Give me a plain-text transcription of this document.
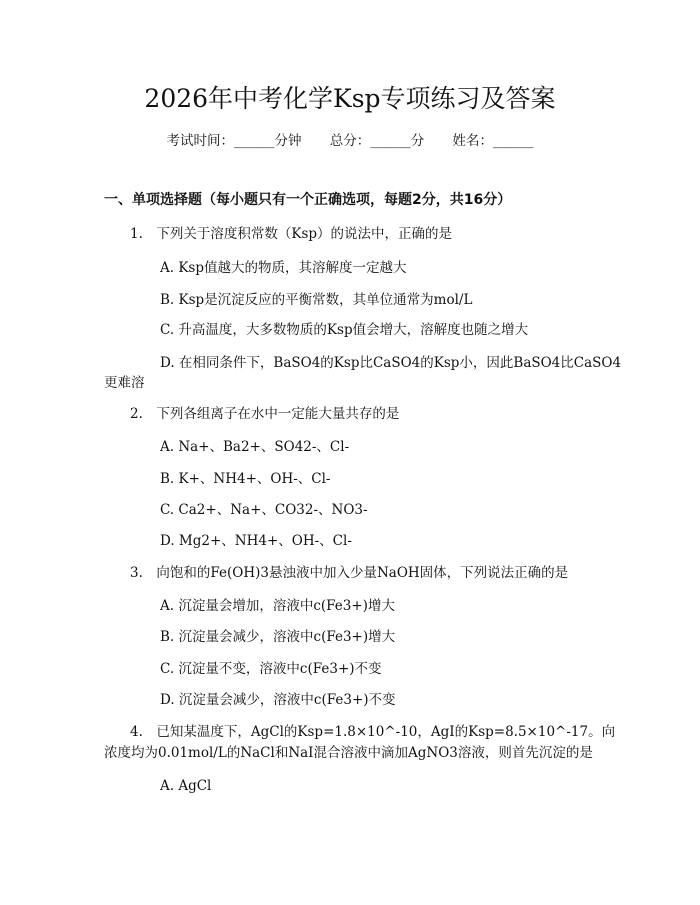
2026年中考化学Ksp专项练习及答案
考试时间：______分钟 总分：______分 姓名：______
一、单项选择题（每小题只有一个正确选项，每题2分，共16分）
1.　下列关于溶度积常数（Ksp）的说法中，正确的是
A. Ksp值越大的物质，其溶解度一定越大
B. Ksp是沉淀反应的平衡常数，其单位通常为mol/L
C. 升高温度，大多数物质的Ksp值会增大，溶解度也随之增大
D. 在相同条件下，BaSO4的Ksp比CaSO4的Ksp小，因此BaSO4比CaSO4
更难溶
2.　下列各组离子在水中一定能大量共存的是
A. Na+、Ba2+、SO42-、Cl-
B. K+、NH4+、OH-、Cl-
C. Ca2+、Na+、CO32-、NO3-
D. Mg2+、NH4+、OH-、Cl-
3.　向饱和的Fe(OH)3悬浊液中加入少量NaOH固体，下列说法正确的是
A. 沉淀量会增加，溶液中c(Fe3+)增大
B. 沉淀量会减少，溶液中c(Fe3+)增大
C. 沉淀量不变，溶液中c(Fe3+)不变
D. 沉淀量会减少，溶液中c(Fe3+)不变
4.　已知某温度下，AgCl的Ksp=1.8×10^-10，AgI的Ksp=8.5×10^-17。向
浓度均为0.01mol/L的NaCl和NaI混合溶液中滴加AgNO3溶液，则首先沉淀的是
A. AgCl
